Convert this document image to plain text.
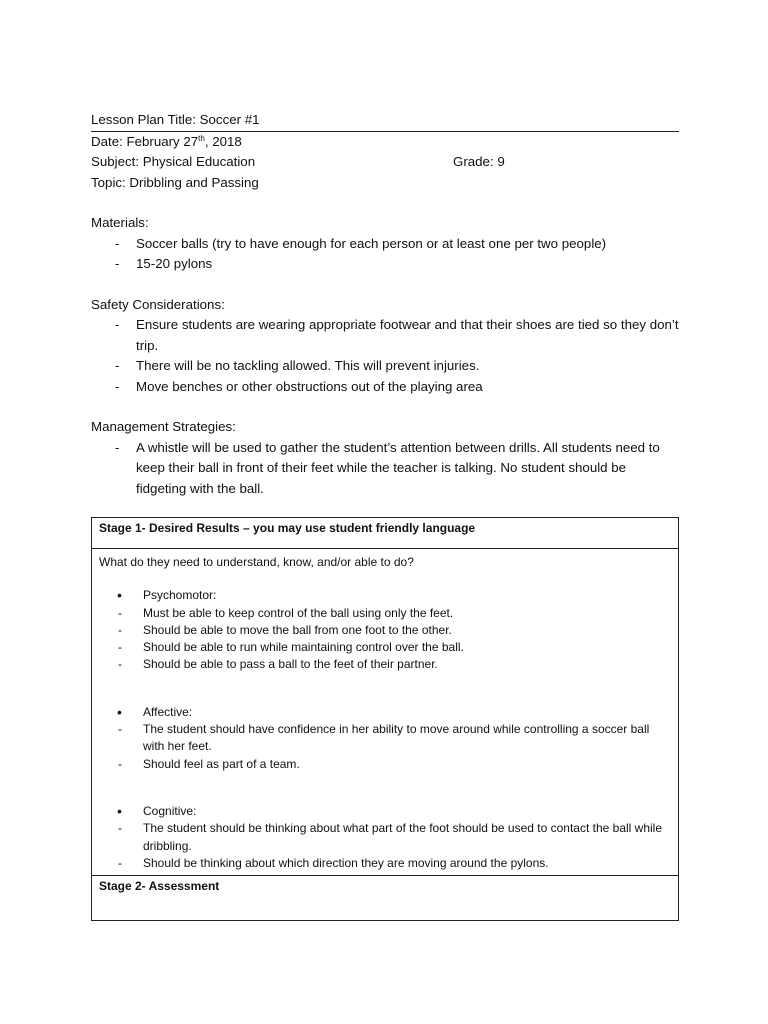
Lesson Plan Title: Soccer #1
Date: February 27th, 2018
Subject: Physical Education	Grade: 9
Topic: Dribbling and Passing
Materials:
- Soccer balls (try to have enough for each person or at least one per two people)
- 15-20 pylons
Safety Considerations:
- Ensure students are wearing appropriate footwear and that their shoes are tied so they don’t trip.
- There will be no tackling allowed. This will prevent injuries.
- Move benches or other obstructions out of the playing area
Management Strategies:
- A whistle will be used to gather the student’s attention between drills. All students need to keep their ball in front of their feet while the teacher is talking. No student should be fidgeting with the ball.
Stage 1- Desired Results – you may use student friendly language

What do they need to understand, know, and/or able to do?
• Psychomotor:
- Must be able to keep control of the ball using only the feet.
- Should be able to move the ball from one foot to the other.
- Should be able to run while maintaining control over the ball.
- Should be able to pass a ball to the feet of their partner.
• Affective:
- The student should have confidence in her ability to move around while controlling a soccer ball with her feet.
- Should feel as part of a team.
• Cognitive:
- The student should be thinking about what part of the foot should be used to contact the ball while dribbling.
- Should be thinking about which direction they are moving around the pylons.

Stage 2- Assessment
